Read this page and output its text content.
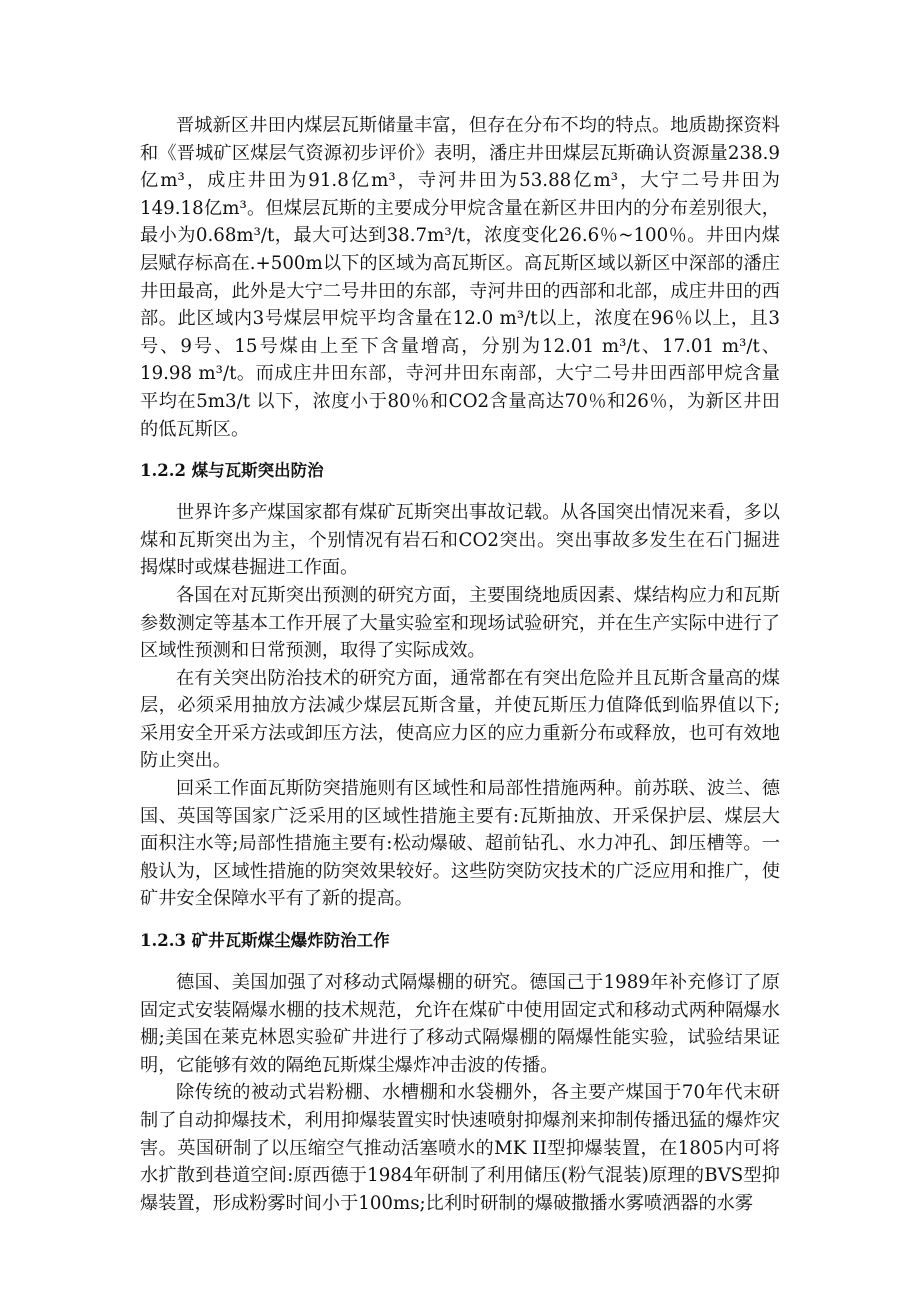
晋城新区井田内煤层瓦斯储量丰富，但存在分布不均的特点。地质勘探资料和《晋城矿区煤层气资源初步评价》表明，潘庄井田煤层瓦斯确认资源量238.9亿m³，成庄井田为91.8亿m³，寺河井田为53.88亿m³，大宁二号井田为149.18亿m³。但煤层瓦斯的主要成分甲烷含量在新区井田内的分布差别很大，最小为0.68m³/t，最大可达到38.7m³/t，浓度变化26.6％~100％。井田内煤层赋存标高在.+500m以下的区域为高瓦斯区。高瓦斯区域以新区中深部的潘庄井田最高，此外是大宁二号井田的东部，寺河井田的西部和北部，成庄井田的西部。此区域内3号煤层甲烷平均含量在12.0 m³/t以上，浓度在96％以上，且3号、9号、15号煤由上至下含量增高，分别为12.01 m³/t、17.01 m³/t、19.98 m³/t。而成庄井田东部，寺河井田东南部，大宁二号井田西部甲烷含量平均在5m3/t 以下，浓度小于80％和CO2含量高达70％和26％，为新区井田的低瓦斯区。

1.2.2 煤与瓦斯突出防治

世界许多产煤国家都有煤矿瓦斯突出事故记载。从各国突出情况来看，多以煤和瓦斯突出为主，个别情况有岩石和CO2突出。突出事故多发生在石门掘进揭煤时或煤巷掘进工作面。

各国在对瓦斯突出预测的研究方面，主要围绕地质因素、煤结构应力和瓦斯参数测定等基本工作开展了大量实验室和现场试验研究，并在生产实际中进行了区域性预测和日常预测，取得了实际成效。

在有关突出防治技术的研究方面，通常都在有突出危险并且瓦斯含量高的煤层，必须采用抽放方法减少煤层瓦斯含量，并使瓦斯压力值降低到临界值以下;采用安全开采方法或卸压方法，使高应力区的应力重新分布或释放，也可有效地防止突出。

回采工作面瓦斯防突措施则有区域性和局部性措施两种。前苏联、波兰、德国、英国等国家广泛采用的区域性措施主要有:瓦斯抽放、开采保护层、煤层大面积注水等;局部性措施主要有:松动爆破、超前钻孔、水力冲孔、卸压槽等。一般认为，区域性措施的防突效果较好。这些防突防灾技术的广泛应用和推广，使矿井安全保障水平有了新的提高。

1.2.3 矿井瓦斯煤尘爆炸防治工作

德国、美国加强了对移动式隔爆棚的研究。德国己于1989年补充修订了原固定式安装隔爆水棚的技术规范，允许在煤矿中使用固定式和移动式两种隔爆水棚;美国在莱克林恩实验矿井进行了移动式隔爆棚的隔爆性能实验，试验结果证明，它能够有效的隔绝瓦斯煤尘爆炸冲击波的传播。

除传统的被动式岩粉棚、水槽棚和水袋棚外，各主要产煤国于70年代末研制了自动抑爆技术，利用抑爆装置实时快速喷射抑爆剂来抑制传播迅猛的爆炸灾害。英国研制了以压缩空气推动活塞喷水的MK II型抑爆装置，在1805内可将水扩散到巷道空间:原西德于1984年研制了利用储压(粉气混装)原理的BVS型抑爆装置，形成粉雾时间小于100ms;比利时研制的爆破撒播水雾喷洒器的水雾
